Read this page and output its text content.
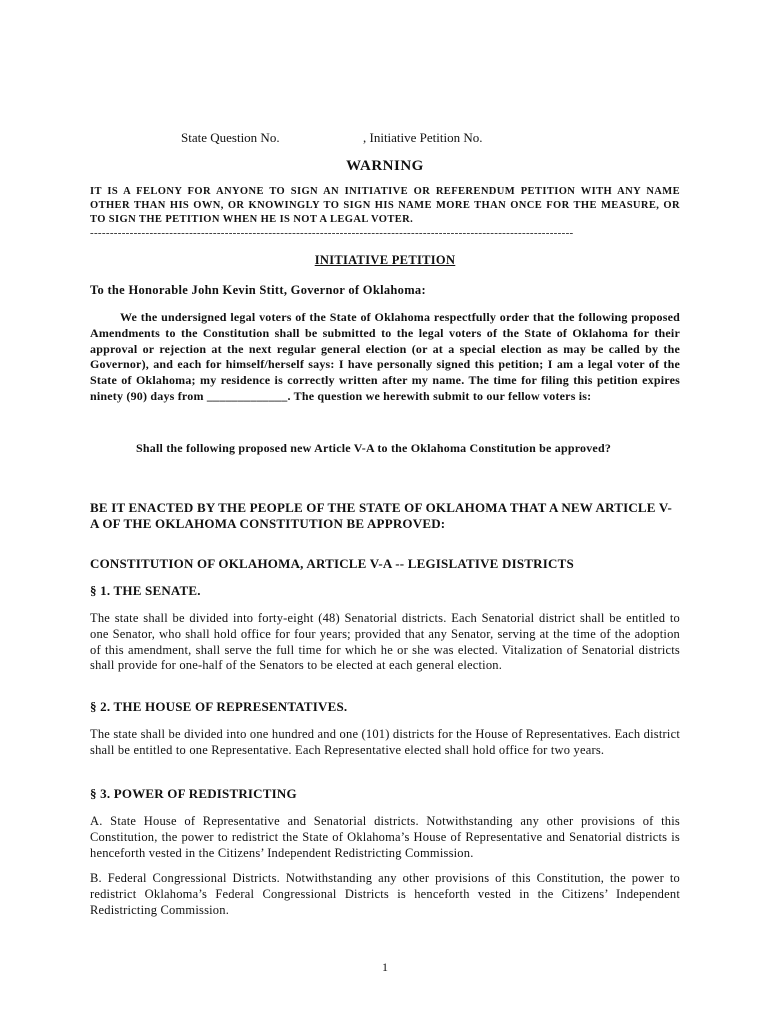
State Question No.	, Initiative Petition No.
WARNING
IT IS A FELONY FOR ANYONE TO SIGN AN INITIATIVE OR REFERENDUM PETITION WITH ANY NAME OTHER THAN HIS OWN, OR KNOWINGLY TO SIGN HIS NAME MORE THAN ONCE FOR THE MEASURE, OR TO SIGN THE PETITION WHEN HE IS NOT A LEGAL VOTER.
--------------------------------------------------------------------------------------------------------------------------
INITIATIVE PETITION
To the Honorable John Kevin Stitt, Governor of Oklahoma:
We the undersigned legal voters of the State of Oklahoma respectfully order that the following proposed Amendments to the Constitution shall be submitted to the legal voters of the State of Oklahoma for their approval or rejection at the next regular general election (or at a special election as may be called by the Governor), and each for himself/herself says: I have personally signed this petition; I am a legal voter of the State of Oklahoma; my residence is correctly written after my name. The time for filing this petition expires ninety (90) days from _____________. The question we herewith submit to our fellow voters is:
Shall the following proposed new Article V-A to the Oklahoma Constitution be approved?
BE IT ENACTED BY THE PEOPLE OF THE STATE OF OKLAHOMA THAT A NEW ARTICLE V-A OF THE OKLAHOMA CONSTITUTION BE APPROVED:
CONSTITUTION OF OKLAHOMA, ARTICLE V-A -- LEGISLATIVE DISTRICTS
§ 1. THE SENATE.
The state shall be divided into forty-eight (48) Senatorial districts. Each Senatorial district shall be entitled to one Senator, who shall hold office for four years; provided that any Senator, serving at the time of the adoption of this amendment, shall serve the full time for which he or she was elected. Vitalization of Senatorial districts shall provide for one-half of the Senators to be elected at each general election.
§ 2. THE HOUSE OF REPRESENTATIVES.
The state shall be divided into one hundred and one (101) districts for the House of Representatives. Each district shall be entitled to one Representative. Each Representative elected shall hold office for two years.
§ 3. POWER OF REDISTRICTING
A. State House of Representative and Senatorial districts. Notwithstanding any other provisions of this Constitution, the power to redistrict the State of Oklahoma’s House of Representative and Senatorial districts is henceforth vested in the Citizens’ Independent Redistricting Commission.
B. Federal Congressional Districts. Notwithstanding any other provisions of this Constitution, the power to redistrict Oklahoma’s Federal Congressional Districts is henceforth vested in the Citizens’ Independent Redistricting Commission.
1
